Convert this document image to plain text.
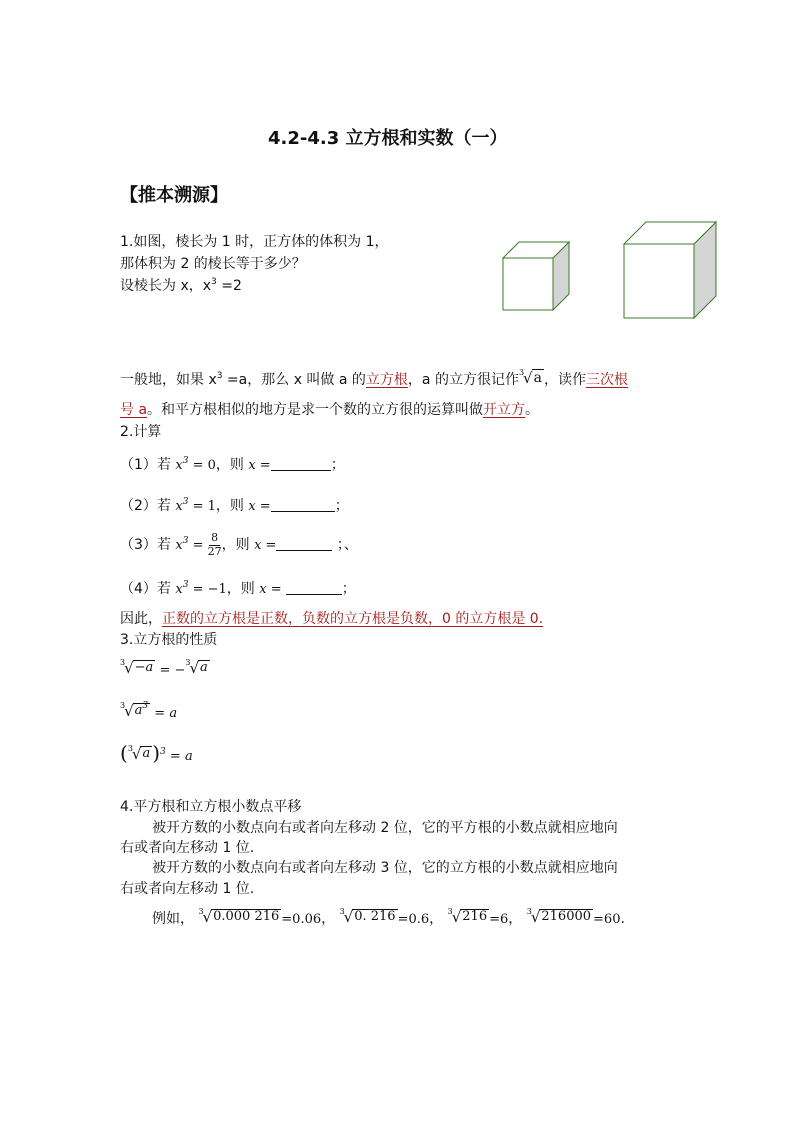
4.2-4.3 立方根和实数（一）
【推本溯源】
1.如图，棱长为 1 时，正方体的体积为 1，
那体积为 2 的棱长等于多少？
设棱长为 x，$x^3 =2$
一般地，如果 $x^3 =a$，那么 x 叫做 a 的立方根，a 的立方很记作 3 √ a ，读作三次根
号 a。和平方根相似的地方是求一个数的立方很的运算叫做开立方。
2.计算
（1）若 $x^3 = 0$，则 x =	；
（2）若 $x^3 = 1$，则 x =	；
（3）若 $x^3 = \frac{8}{27}$ ，则 x =	；、
（4）若 $x^3 = -1$，则 x =	；
因此，正数的立方根是正数，负数的立方根是负数，0 的立方根是 0.
3.立方根的性质
3 √ −a = −
3 √ a
3 √ $a^3 = a$
( 3 √ a )$^3$ = a
4.平方根和立方根小数点平移
被开方数的小数点向右或者向左移动 2 位，它的平方根的小数点就相应地向
右或者向左移动 1 位.
被开方数的小数点向右或者向左移动 3 位，它的立方根的小数点就相应地向
右或者向左移动 1 位.
例如， 3 √ 0.000 216 =0.06， 3 √ 0. 216 =0.6， 3 √ 216 =6， 3 √ 216000 =60.
